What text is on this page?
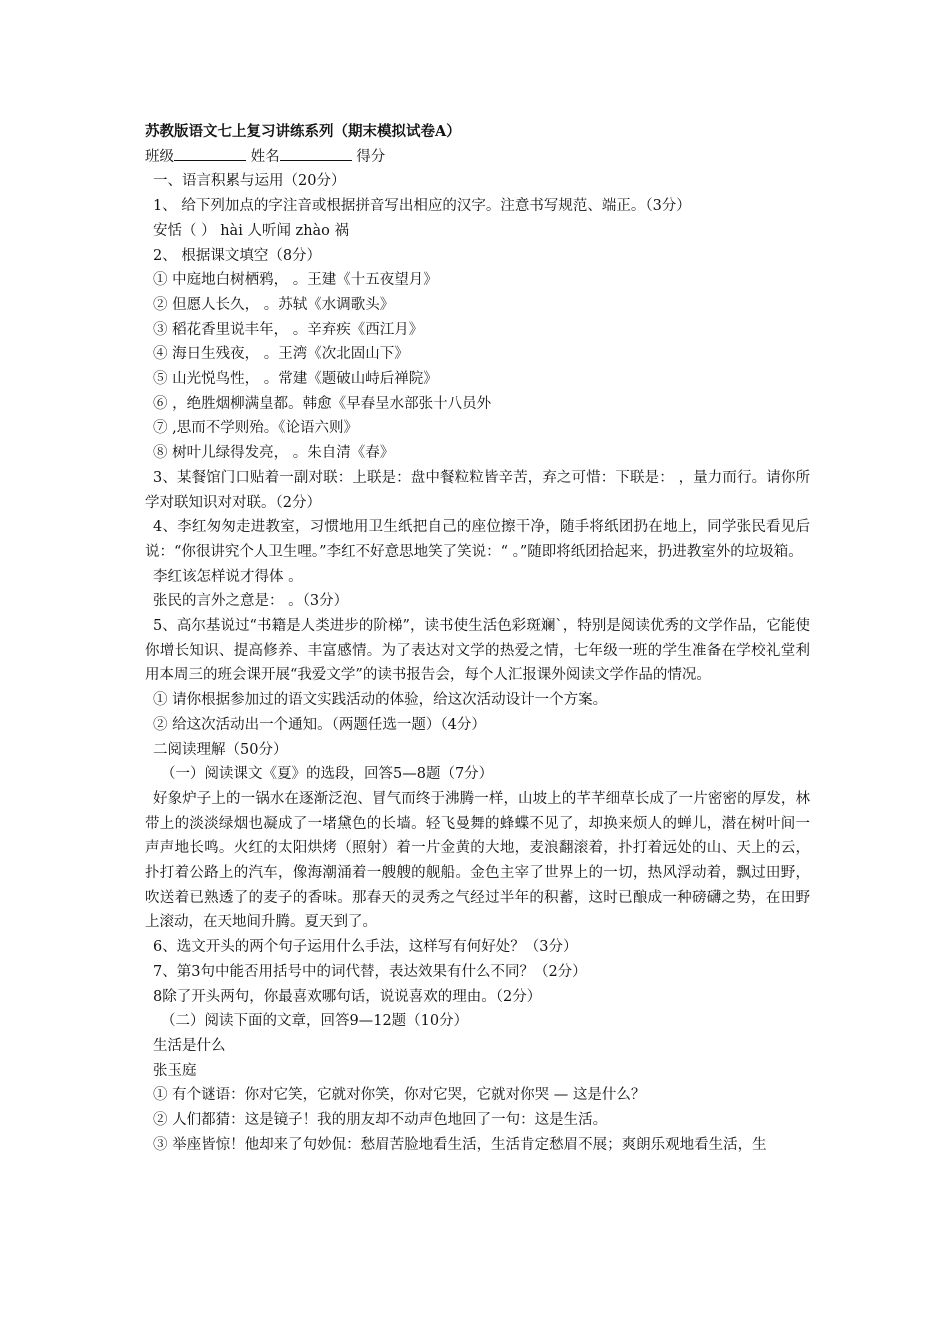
苏教版语文七上复习讲练系列（期末模拟试卷A）
班级	姓名	得分
一、语言积累与运用（20分）
1、 给下列加点的字注音或根据拼音写出相应的汉字。注意书写规范、端正。（3分）
安恬（ ） hài 人听闻 zhào 祸
2、 根据课文填空（8分）
① 中庭地白树栖鸦， 。王建《十五夜望月》
② 但愿人长久， 。苏轼《水调歌头》
③ 稻花香里说丰年， 。辛弃疾《西江月》
④ 海日生残夜， 。王湾《次北固山下》
⑤ 山光悦鸟性， 。常建《题破山峙后禅院》
⑥ ，绝胜烟柳满皇都。韩愈《早春呈水部张十八员外
⑦ ,思而不学则殆。《论语六则》
⑧ 树叶儿绿得发亮， 。朱自清《春》
3、某餐馆门口贴着一副对联：上联是：盘中餐粒粒皆辛苦，弃之可惜：下联是： ，量力而行。请你所学对联知识对对联。（2分）
4、李红匆匆走进教室，习惯地用卫生纸把自己的座位擦干净，随手将纸团扔在地上，同学张民看见后说：“你很讲究个人卫生哩。”李红不好意思地笑了笑说：“ 。”随即将纸团拾起来，扔进教室外的垃圾箱。
李红该怎样说才得体 。
张民的言外之意是： 。（3分）
5、高尔基说过“书籍是人类进步的阶梯”，读书使生活色彩斑斓`，特别是阅读优秀的文学作品，它能使你增长知识、提高修养、丰富感情。为了表达对文学的热爱之情，七年级一班的学生准备在学校礼堂利用本周三的班会课开展“我爱文学”的读书报告会，每个人汇报课外阅读文学作品的情况。
① 请你根据参加过的语文实践活动的体验，给这次活动设计一个方案。
② 给这次活动出一个通知。（两题任选一题）（4分）
二阅读理解（50分）
（一）阅读课文《夏》的选段，回答5—8题（7分）
好象炉子上的一锅水在逐渐泛泡、冒气而终于沸腾一样，山坡上的芊芊细草长成了一片密密的厚发，林带上的淡淡绿烟也凝成了一堵黛色的长墙。轻飞曼舞的蜂蝶不见了，却换来烦人的蝉儿，潜在树叶间一声声地长鸣。火红的太阳烘烤（照射）着一片金黄的大地，麦浪翻滚着，扑打着远处的山、天上的云，扑打着公路上的汽车，像海潮涌着一艘艘的舰船。金色主宰了世界上的一切，热风浮动着，飘过田野，吹送着已熟透了的麦子的香味。那春天的灵秀之气经过半年的积蓄，这时已酿成一种磅礴之势，在田野上滚动，在天地间升腾。夏天到了。
6、选文开头的两个句子运用什么手法，这样写有何好处？（3分）
7、第3句中能否用括号中的词代替，表达效果有什么不同？（2分）
8除了开头两句，你最喜欢哪句话，说说喜欢的理由。（2分）
（二）阅读下面的文章，回答9—12题（10分）
生活是什么
张玉庭
① 有个谜语：你对它笑，它就对你笑，你对它哭，它就对你哭 — 这是什么？
② 人们都猜：这是镜子！我的朋友却不动声色地回了一句：这是生活。
③ 举座皆惊！他却来了句妙侃：愁眉苦脸地看生活，生活肯定愁眉不展；爽朗乐观地看生活，生
